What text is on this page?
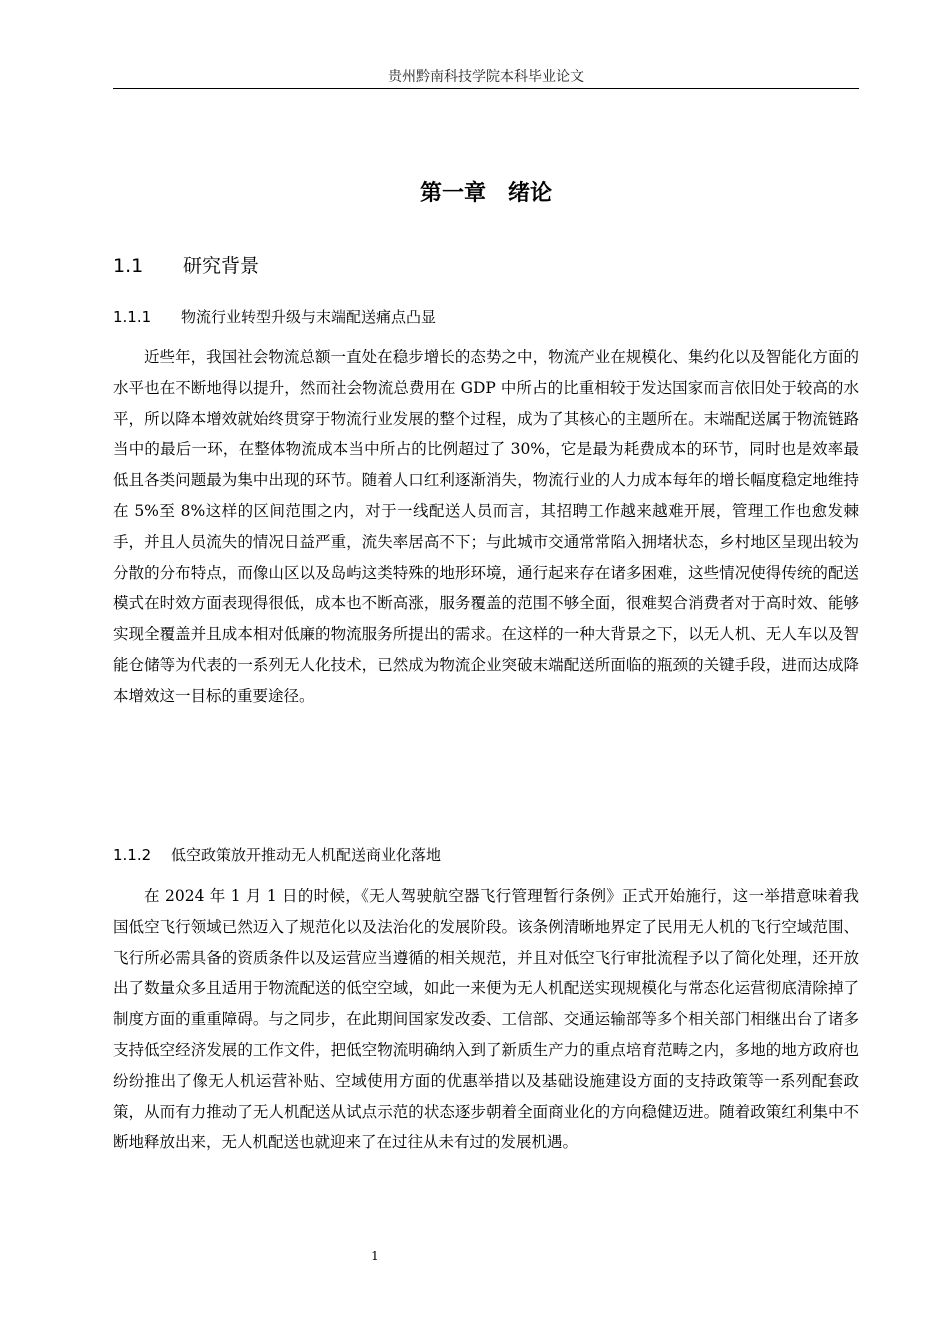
贵州黔南科技学院本科毕业论文
第一章　绪论
1.1	研究背景
1.1.1	物流行业转型升级与末端配送痛点凸显

近些年，我国社会物流总额一直处在稳步增长的态势之中，物流产业在规模化、集约化以及智能化方面的水平也在不断地得以提升，然而社会物流总费用在 GDP 中所占的比重相较于发达国家而言依旧处于较高的水平，所以降本增效就始终贯穿于物流行业发展的整个过程，成为了其核心的主题所在。末端配送属于物流链路当中的最后一环，在整体物流成本当中所占的比例超过了 30%，它是最为耗费成本的环节，同时也是效率最低且各类问题最为集中出现的环节。随着人口红利逐渐消失，物流行业的人力成本每年的增长幅度稳定地维持在 5%至 8%这样的区间范围之内，对于一线配送人员而言，其招聘工作越来越难开展，管理工作也愈发棘手，并且人员流失的情况日益严重，流失率居高不下；与此城市交通常常陷入拥堵状态，乡村地区呈现出较为分散的分布特点，而像山区以及岛屿这类特殊的地形环境，通行起来存在诸多困难，这些情况使得传统的配送模式在时效方面表现得很低，成本也不断高涨，服务覆盖的范围不够全面，很难契合消费者对于高时效、能够实现全覆盖并且成本相对低廉的物流服务所提出的需求。在这样的一种大背景之下，以无人机、无人车以及智能仓储等为代表的一系列无人化技术，已然成为物流企业突破末端配送所面临的瓶颈的关键手段，进而达成降本增效这一目标的重要途径。

1.1.2	低空政策放开推动无人机配送商业化落地

在 2024 年 1 月 1 日的时候，《无人驾驶航空器飞行管理暂行条例》正式开始施行，这一举措意味着我国低空飞行领域已然迈入了规范化以及法治化的发展阶段。该条例清晰地界定了民用无人机的飞行空域范围、飞行所必需具备的资质条件以及运营应当遵循的相关规范，并且对低空飞行审批流程予以了简化处理，还开放出了数量众多且适用于物流配送的低空空域，如此一来便为无人机配送实现规模化与常态化运营彻底清除掉了制度方面的重重障碍。与之同步，在此期间国家发改委、工信部、交通运输部等多个相关部门相继出台了诸多支持低空经济发展的工作文件，把低空物流明确纳入到了新质生产力的重点培育范畴之内，多地的地方政府也纷纷推出了像无人机运营补贴、空域使用方面的优惠举措以及基础设施建设方面的支持政策等一系列配套政策，从而有力推动了无人机配送从试点示范的状态逐步朝着全面商业化的方向稳健迈进。随着政策红利集中不断地释放出来，无人机配送也就迎来了在过往从未有过的发展机遇。

1
